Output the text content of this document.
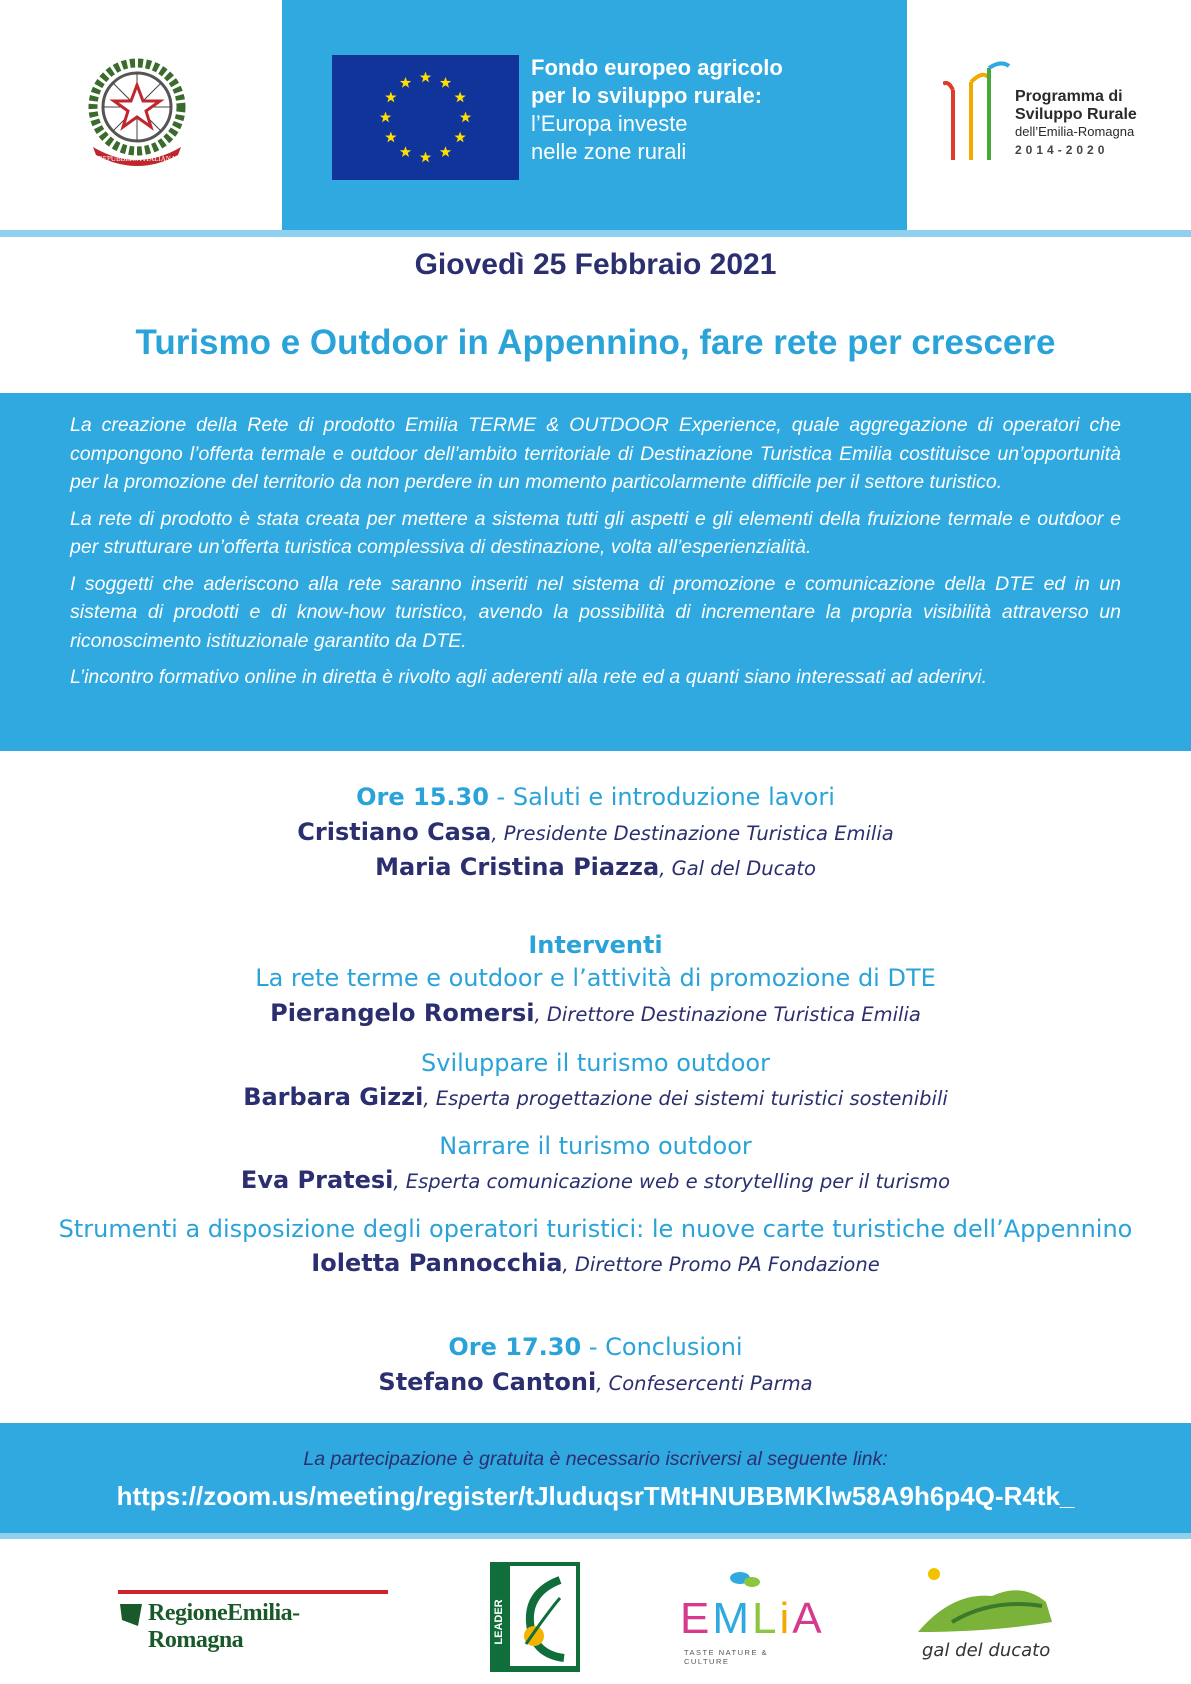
REPUBBLICA ITALIANA
Fondo europeo agricolo
per lo sviluppo rurale:
l’Europa investe
nelle zone rurali
Programma di
Sviluppo Rurale
dell’Emilia-Romagna
2014-2020
Giovedì 25 Febbraio 2021
Turismo e Outdoor in Appennino, fare rete per crescere

La creazione della Rete di prodotto Emilia TERME & OUTDOOR Experience, quale aggregazione di operatori che compongono l’offerta termale e outdoor dell’ambito territoriale di Destinazione Turistica Emilia costituisce un’opportunità per la promozione del territorio da non perdere in un momento particolarmente difficile per il settore turistico.

La rete di prodotto è stata creata per mettere a sistema tutti gli aspetti e gli elementi della fruizione termale e outdoor e per strutturare un’offerta turistica complessiva di destinazione, volta all’esperienzialità.

I soggetti che aderiscono alla rete saranno inseriti nel sistema di promozione e comunicazione della DTE ed in un sistema di prodotti e di know-how turistico, avendo la possibilità di incrementare la propria visibilità attraverso un riconoscimento istituzionale garantito da DTE.

L’incontro formativo online in diretta è rivolto agli aderenti alla rete ed a quanti siano interessati ad aderirvi.

Ore 15.30 - Saluti e introduzione lavori
Cristiano Casa, Presidente Destinazione Turistica Emilia
Maria Cristina Piazza, Gal del Ducato
Interventi
La rete terme e outdoor e l’attività di promozione di DTE
Pierangelo Romersi, Direttore Destinazione Turistica Emilia
Sviluppare il turismo outdoor
Barbara Gizzi, Esperta progettazione dei sistemi turistici sostenibili
Narrare il turismo outdoor
Eva Pratesi, Esperta comunicazione web e storytelling per il turismo
Strumenti a disposizione degli operatori turistici: le nuove carte turistiche dell’Appennino
Ioletta Pannocchia, Direttore Promo PA Fondazione
Ore 17.30 - Conclusioni
Stefano Cantoni, Confesercenti Parma
La partecipazione è gratuita è necessario iscriversi al seguente link:
https://zoom.us/meeting/register/tJluduqsrTMtHNUBBMKlw58A9h6p4Q-R4tk_
RegioneEmilia-Romagna	LEADER	EMLiA
TASTE NATURE & CULTURE
gal del ducato
